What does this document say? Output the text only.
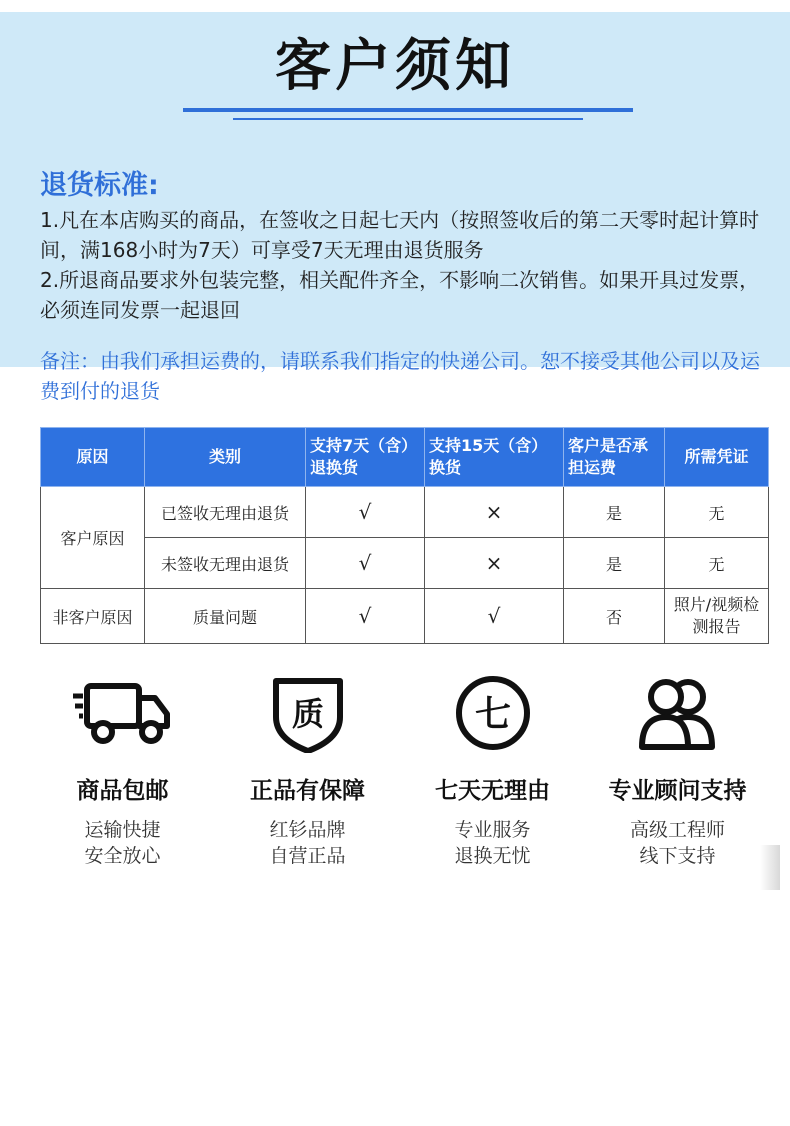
客户须知
退货标准:
1.凡在本店购买的商品，在签收之日起七天内（按照签收后的第二天零时起计算时间，满168小时为7天）可享受7天无理由退货服务
2.所退商品要求外包装完整，相关配件齐全，不影响二次销售。如果开具过发票，必须连同发票一起退回
备注：由我们承担运费的，请联系我们指定的快递公司。恕不接受其他公司以及运费到付的退货
原因	类别	支持7天（含）退换货	支持15天（含）换货	客户是否承担运费	所需凭证
客户原因	已签收无理由退货	√	×	是	无
	未签收无理由退货	√	×	是	无
非客户原因	质量问题	√	√	否	照片/视频检测报告
商品包邮
运输快捷
安全放心
质
正品有保障
红钐品牌
自营正品
七
七天无理由
专业服务
退换无忧
专业顾问支持
高级工程师
线下支持
